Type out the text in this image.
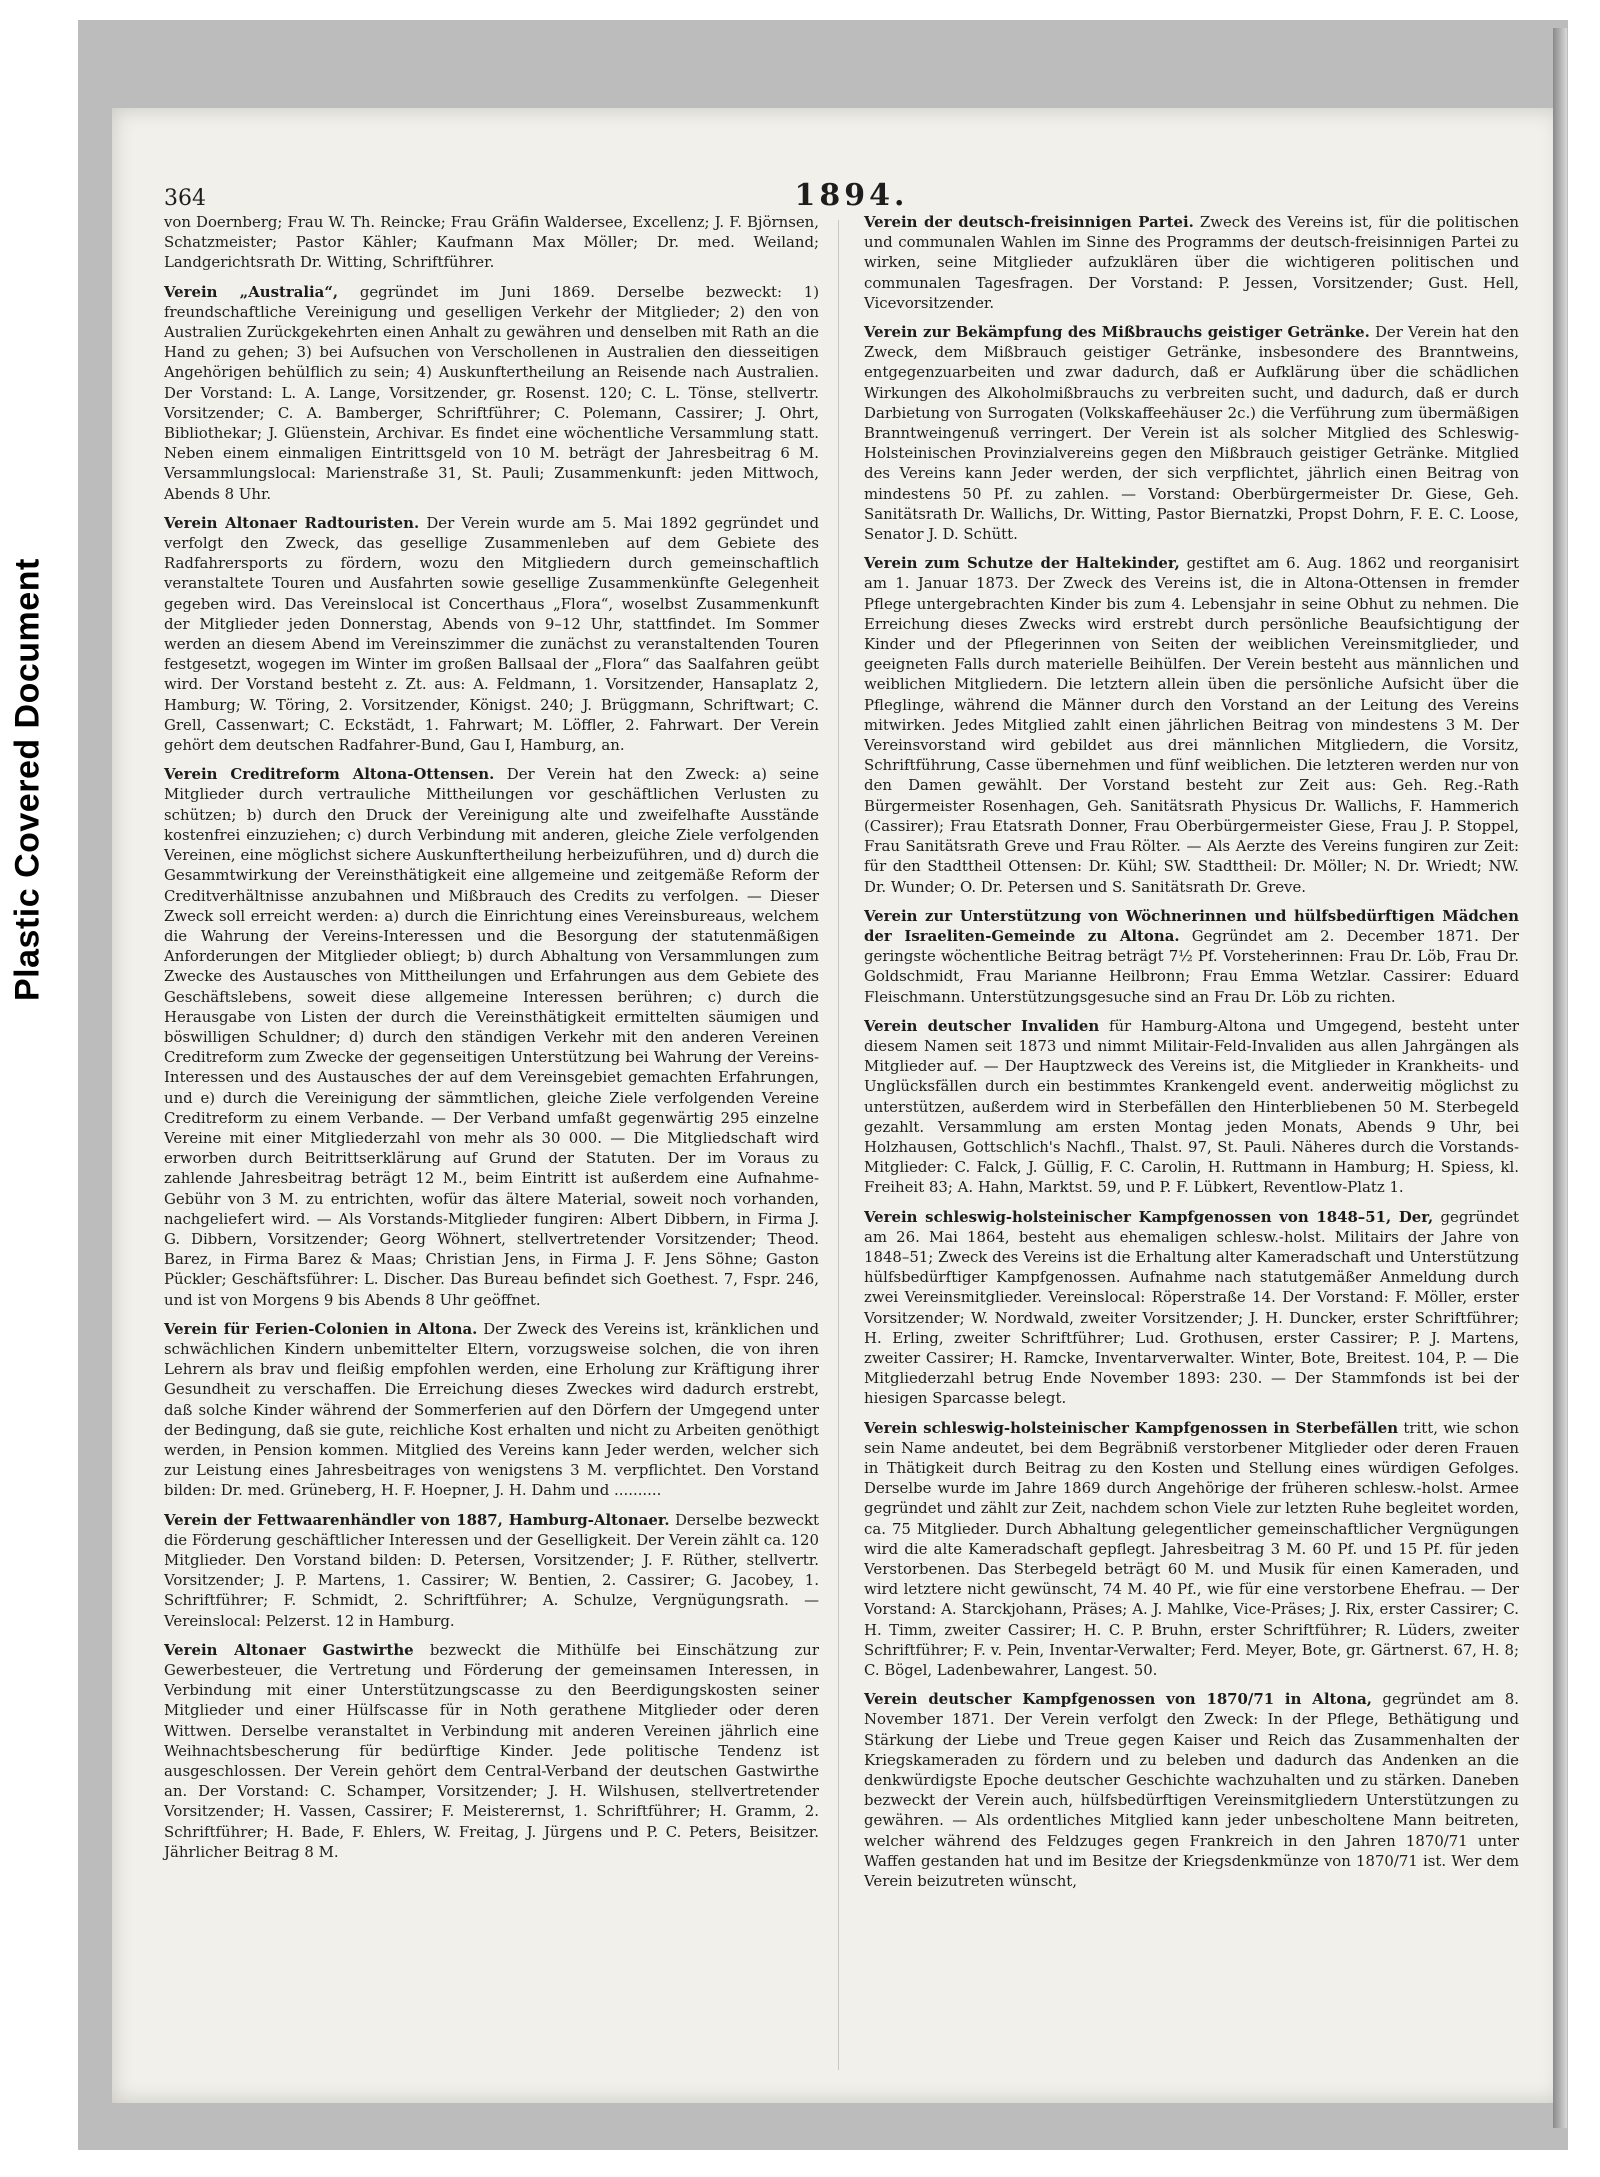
Plastic Covered Document
364	1894.

von Doernberg; Frau W. Th. Reincke; Frau Gräfin Waldersee, Excellenz; J. F. Björnsen, Schatzmeister; Pastor Kähler; Kaufmann Max Möller; Dr. med. Weiland; Landgerichtsrath Dr. Witting, Schriftführer.

Verein „Australia“, gegründet im Juni 1869. Derselbe bezweckt: 1) freundschaftliche Vereinigung und geselligen Verkehr der Mitglieder; 2) den von Australien Zurückgekehrten einen Anhalt zu gewähren und denselben mit Rath an die Hand zu gehen; 3) bei Aufsuchen von Verschollenen in Australien den diesseitigen Angehörigen behülflich zu sein; 4) Auskunftertheilung an Reisende nach Australien. Der Vorstand: L. A. Lange, Vorsitzender, gr. Rosenst. 120; C. L. Tönse, stellvertr. Vorsitzender; C. A. Bamberger, Schriftführer; C. Polemann, Cassirer; J. Ohrt, Bibliothekar; J. Glüenstein, Archivar. Es findet eine wöchentliche Versammlung statt. Neben einem einmaligen Eintrittsgeld von 10 M. beträgt der Jahresbeitrag 6 M. Versammlungslocal: Marienstraße 31, St. Pauli; Zusammenkunft: jeden Mittwoch, Abends 8 Uhr.

Verein Altonaer Radtouristen. Der Verein wurde am 5. Mai 1892 gegründet und verfolgt den Zweck, das gesellige Zusammenleben auf dem Gebiete des Radfahrersports zu fördern, wozu den Mitgliedern durch gemeinschaftlich veranstaltete Touren und Ausfahrten sowie gesellige Zusammenkünfte Gelegenheit gegeben wird. Das Vereinslocal ist Concerthaus „Flora“, woselbst Zusammenkunft der Mitglieder jeden Donnerstag, Abends von 9–12 Uhr, stattfindet. Im Sommer werden an diesem Abend im Vereinszimmer die zunächst zu veranstaltenden Touren festgesetzt, wogegen im Winter im großen Ballsaal der „Flora“ das Saalfahren geübt wird. Der Vorstand besteht z. Zt. aus: A. Feldmann, 1. Vorsitzender, Hansaplatz 2, Hamburg; W. Töring, 2. Vorsitzender, Königst. 240; J. Brüggmann, Schriftwart; C. Grell, Cassenwart; C. Eckstädt, 1. Fahrwart; M. Löffler, 2. Fahrwart. Der Verein gehört dem deutschen Radfahrer-Bund, Gau I, Hamburg, an.

Verein Creditreform Altona-Ottensen. Der Verein hat den Zweck: a) seine Mitglieder durch vertrauliche Mittheilungen vor geschäftlichen Verlusten zu schützen; b) durch den Druck der Vereinigung alte und zweifelhafte Ausstände kostenfrei einzuziehen; c) durch Verbindung mit anderen, gleiche Ziele verfolgenden Vereinen, eine möglichst sichere Auskunftertheilung herbeizuführen, und d) durch die Gesammtwirkung der Vereinsthätigkeit eine allgemeine und zeitgemäße Reform der Creditverhältnisse anzubahnen und Mißbrauch des Credits zu verfolgen. — Dieser Zweck soll erreicht werden: a) durch die Einrichtung eines Vereinsbureaus, welchem die Wahrung der Vereins-Interessen und die Besorgung der statutenmäßigen Anforderungen der Mitglieder obliegt; b) durch Abhaltung von Versammlungen zum Zwecke des Austausches von Mittheilungen und Erfahrungen aus dem Gebiete des Geschäftslebens, soweit diese allgemeine Interessen berühren; c) durch die Herausgabe von Listen der durch die Vereinsthätigkeit ermittelten säumigen und böswilligen Schuldner; d) durch den ständigen Verkehr mit den anderen Vereinen Creditreform zum Zwecke der gegenseitigen Unterstützung bei Wahrung der Vereins-Interessen und des Austausches der auf dem Vereinsgebiet gemachten Erfahrungen, und e) durch die Vereinigung der sämmtlichen, gleiche Ziele verfolgenden Vereine Creditreform zu einem Verbande. — Der Verband umfaßt gegenwärtig 295 einzelne Vereine mit einer Mitgliederzahl von mehr als 30 000. — Die Mitgliedschaft wird erworben durch Beitrittserklärung auf Grund der Statuten. Der im Voraus zu zahlende Jahresbeitrag beträgt 12 M., beim Eintritt ist außerdem eine Aufnahme-Gebühr von 3 M. zu entrichten, wofür das ältere Material, soweit noch vorhanden, nachgeliefert wird. — Als Vorstands-Mitglieder fungiren: Albert Dibbern, in Firma J. G. Dibbern, Vorsitzender; Georg Wöhnert, stellvertretender Vorsitzender; Theod. Barez, in Firma Barez & Maas; Christian Jens, in Firma J. F. Jens Söhne; Gaston Pückler; Geschäftsführer: L. Discher. Das Bureau befindet sich Goethest. 7, Fspr. 246, und ist von Morgens 9 bis Abends 8 Uhr geöffnet.

Verein für Ferien-Colonien in Altona. Der Zweck des Vereins ist, kränklichen und schwächlichen Kindern unbemittelter Eltern, vorzugsweise solchen, die von ihren Lehrern als brav und fleißig empfohlen werden, eine Erholung zur Kräftigung ihrer Gesundheit zu verschaffen. Die Erreichung dieses Zweckes wird dadurch erstrebt, daß solche Kinder während der Sommerferien auf den Dörfern der Umgegend unter der Bedingung, daß sie gute, reichliche Kost erhalten und nicht zu Arbeiten genöthigt werden, in Pension kommen. Mitglied des Vereins kann Jeder werden, welcher sich zur Leistung eines Jahresbeitrages von wenigstens 3 M. verpflichtet. Den Vorstand bilden: Dr. med. Grüneberg, H. F. Hoepner, J. H. Dahm und ..........

Verein der Fettwaarenhändler von 1887, Hamburg-Altonaer. Derselbe bezweckt die Förderung geschäftlicher Interessen und der Geselligkeit. Der Verein zählt ca. 120 Mitglieder. Den Vorstand bilden: D. Petersen, Vorsitzender; J. F. Rüther, stellvertr. Vorsitzender; J. P. Martens, 1. Cassirer; W. Bentien, 2. Cassirer; G. Jacobey, 1. Schriftführer; F. Schmidt, 2. Schriftführer; A. Schulze, Vergnügungsrath. — Vereinslocal: Pelzerst. 12 in Hamburg.

Verein Altonaer Gastwirthe bezweckt die Mithülfe bei Einschätzung zur Gewerbesteuer, die Vertretung und Förderung der gemeinsamen Interessen, in Verbindung mit einer Unterstützungscasse zu den Beerdigungskosten seiner Mitglieder und einer Hülfscasse für in Noth gerathene Mitglieder oder deren Wittwen. Derselbe veranstaltet in Verbindung mit anderen Vereinen jährlich eine Weihnachtsbescherung für bedürftige Kinder. Jede politische Tendenz ist ausgeschlossen. Der Verein gehört dem Central-Verband der deutschen Gastwirthe an. Der Vorstand: C. Schamper, Vorsitzender; J. H. Wilshusen, stellvertretender Vorsitzender; H. Vassen, Cassirer; F. Meisterernst, 1. Schriftführer; H. Gramm, 2. Schriftführer; H. Bade, F. Ehlers, W. Freitag, J. Jürgens und P. C. Peters, Beisitzer. Jährlicher Beitrag 8 M.

Verein der deutsch-freisinnigen Partei. Zweck des Vereins ist, für die politischen und communalen Wahlen im Sinne des Programms der deutsch-freisinnigen Partei zu wirken, seine Mitglieder aufzuklären über die wichtigeren politischen und communalen Tagesfragen. Der Vorstand: P. Jessen, Vorsitzender; Gust. Hell, Vicevorsitzender.

Verein zur Bekämpfung des Mißbrauchs geistiger Getränke. Der Verein hat den Zweck, dem Mißbrauch geistiger Getränke, insbesondere des Branntweins, entgegenzuarbeiten und zwar dadurch, daß er Aufklärung über die schädlichen Wirkungen des Alkoholmißbrauchs zu verbreiten sucht, und dadurch, daß er durch Darbietung von Surrogaten (Volkskaffeehäuser 2c.) die Verführung zum übermäßigen Branntweingenuß verringert. Der Verein ist als solcher Mitglied des Schleswig-Holsteinischen Provinzialvereins gegen den Mißbrauch geistiger Getränke. Mitglied des Vereins kann Jeder werden, der sich verpflichtet, jährlich einen Beitrag von mindestens 50 Pf. zu zahlen. — Vorstand: Oberbürgermeister Dr. Giese, Geh. Sanitätsrath Dr. Wallichs, Dr. Witting, Pastor Biernatzki, Propst Dohrn, F. E. C. Loose, Senator J. D. Schütt.

Verein zum Schutze der Haltekinder, gestiftet am 6. Aug. 1862 und reorganisirt am 1. Januar 1873. Der Zweck des Vereins ist, die in Altona-Ottensen in fremder Pflege untergebrachten Kinder bis zum 4. Lebensjahr in seine Obhut zu nehmen. Die Erreichung dieses Zwecks wird erstrebt durch persönliche Beaufsichtigung der Kinder und der Pflegerinnen von Seiten der weiblichen Vereinsmitglieder, und geeigneten Falls durch materielle Beihülfen. Der Verein besteht aus männlichen und weiblichen Mitgliedern. Die letztern allein üben die persönliche Aufsicht über die Pfleglinge, während die Männer durch den Vorstand an der Leitung des Vereins mitwirken. Jedes Mitglied zahlt einen jährlichen Beitrag von mindestens 3 M. Der Vereinsvorstand wird gebildet aus drei männlichen Mitgliedern, die Vorsitz, Schriftführung, Casse übernehmen und fünf weiblichen. Die letzteren werden nur von den Damen gewählt. Der Vorstand besteht zur Zeit aus: Geh. Reg.-Rath Bürgermeister Rosenhagen, Geh. Sanitätsrath Physicus Dr. Wallichs, F. Hammerich (Cassirer); Frau Etatsrath Donner, Frau Oberbürgermeister Giese, Frau J. P. Stoppel, Frau Sanitätsrath Greve und Frau Rölter. — Als Aerzte des Vereins fungiren zur Zeit: für den Stadttheil Ottensen: Dr. Kühl; SW. Stadttheil: Dr. Möller; N. Dr. Wriedt; NW. Dr. Wunder; O. Dr. Petersen und S. Sanitätsrath Dr. Greve.

Verein zur Unterstützung von Wöchnerinnen und hülfsbedürftigen Mädchen der Israeliten-Gemeinde zu Altona. Gegründet am 2. December 1871. Der geringste wöchentliche Beitrag beträgt 7½ Pf. Vorsteherinnen: Frau Dr. Löb, Frau Dr. Goldschmidt, Frau Marianne Heilbronn; Frau Emma Wetzlar. Cassirer: Eduard Fleischmann. Unterstützungsgesuche sind an Frau Dr. Löb zu richten.

Verein deutscher Invaliden für Hamburg-Altona und Umgegend, besteht unter diesem Namen seit 1873 und nimmt Militair-Feld-Invaliden aus allen Jahrgängen als Mitglieder auf. — Der Hauptzweck des Vereins ist, die Mitglieder in Krankheits- und Unglücksfällen durch ein bestimmtes Krankengeld event. anderweitig möglichst zu unterstützen, außerdem wird in Sterbefällen den Hinterbliebenen 50 M. Sterbegeld gezahlt. Versammlung am ersten Montag jeden Monats, Abends 9 Uhr, bei Holzhausen, Gottschlich's Nachfl., Thalst. 97, St. Pauli. Näheres durch die Vorstands-Mitglieder: C. Falck, J. Güllig, F. C. Carolin, H. Ruttmann in Hamburg; H. Spiess, kl. Freiheit 83; A. Hahn, Marktst. 59, und P. F. Lübkert, Reventlow-Platz 1.

Verein schleswig-holsteinischer Kampfgenossen von 1848–51, Der, gegründet am 26. Mai 1864, besteht aus ehemaligen schlesw.-holst. Militairs der Jahre von 1848–51; Zweck des Vereins ist die Erhaltung alter Kameradschaft und Unterstützung hülfsbedürftiger Kampfgenossen. Aufnahme nach statutgemäßer Anmeldung durch zwei Vereinsmitglieder. Vereinslocal: Röperstraße 14. Der Vorstand: F. Möller, erster Vorsitzender; W. Nordwald, zweiter Vorsitzender; J. H. Duncker, erster Schriftführer; H. Erling, zweiter Schriftführer; Lud. Grothusen, erster Cassirer; P. J. Martens, zweiter Cassirer; H. Ramcke, Inventarverwalter. Winter, Bote, Breitest. 104, P. — Die Mitgliederzahl betrug Ende November 1893: 230. — Der Stammfonds ist bei der hiesigen Sparcasse belegt.

Verein schleswig-holsteinischer Kampfgenossen in Sterbefällen tritt, wie schon sein Name andeutet, bei dem Begräbniß verstorbener Mitglieder oder deren Frauen in Thätigkeit durch Beitrag zu den Kosten und Stellung eines würdigen Gefolges. Derselbe wurde im Jahre 1869 durch Angehörige der früheren schlesw.-holst. Armee gegründet und zählt zur Zeit, nachdem schon Viele zur letzten Ruhe begleitet worden, ca. 75 Mitglieder. Durch Abhaltung gelegentlicher gemeinschaftlicher Vergnügungen wird die alte Kameradschaft gepflegt. Jahresbeitrag 3 M. 60 Pf. und 15 Pf. für jeden Verstorbenen. Das Sterbegeld beträgt 60 M. und Musik für einen Kameraden, und wird letztere nicht gewünscht, 74 M. 40 Pf., wie für eine verstorbene Ehefrau. — Der Vorstand: A. Starckjohann, Präses; A. J. Mahlke, Vice-Präses; J. Rix, erster Cassirer; C. H. Timm, zweiter Cassirer; H. C. P. Bruhn, erster Schriftführer; R. Lüders, zweiter Schriftführer; F. v. Pein, Inventar-Verwalter; Ferd. Meyer, Bote, gr. Gärtnerst. 67, H. 8; C. Bögel, Ladenbewahrer, Langest. 50.

Verein deutscher Kampfgenossen von 1870/71 in Altona, gegründet am 8. November 1871. Der Verein verfolgt den Zweck: In der Pflege, Bethätigung und Stärkung der Liebe und Treue gegen Kaiser und Reich das Zusammenhalten der Kriegskameraden zu fördern und zu beleben und dadurch das Andenken an die denkwürdigste Epoche deutscher Geschichte wachzuhalten und zu stärken. Daneben bezweckt der Verein auch, hülfsbedürftigen Vereinsmitgliedern Unterstützungen zu gewähren. — Als ordentliches Mitglied kann jeder unbescholtene Mann beitreten, welcher während des Feldzuges gegen Frankreich in den Jahren 1870/71 unter Waffen gestanden hat und im Besitze der Kriegsdenkmünze von 1870/71 ist. Wer dem Verein beizutreten wünscht,
